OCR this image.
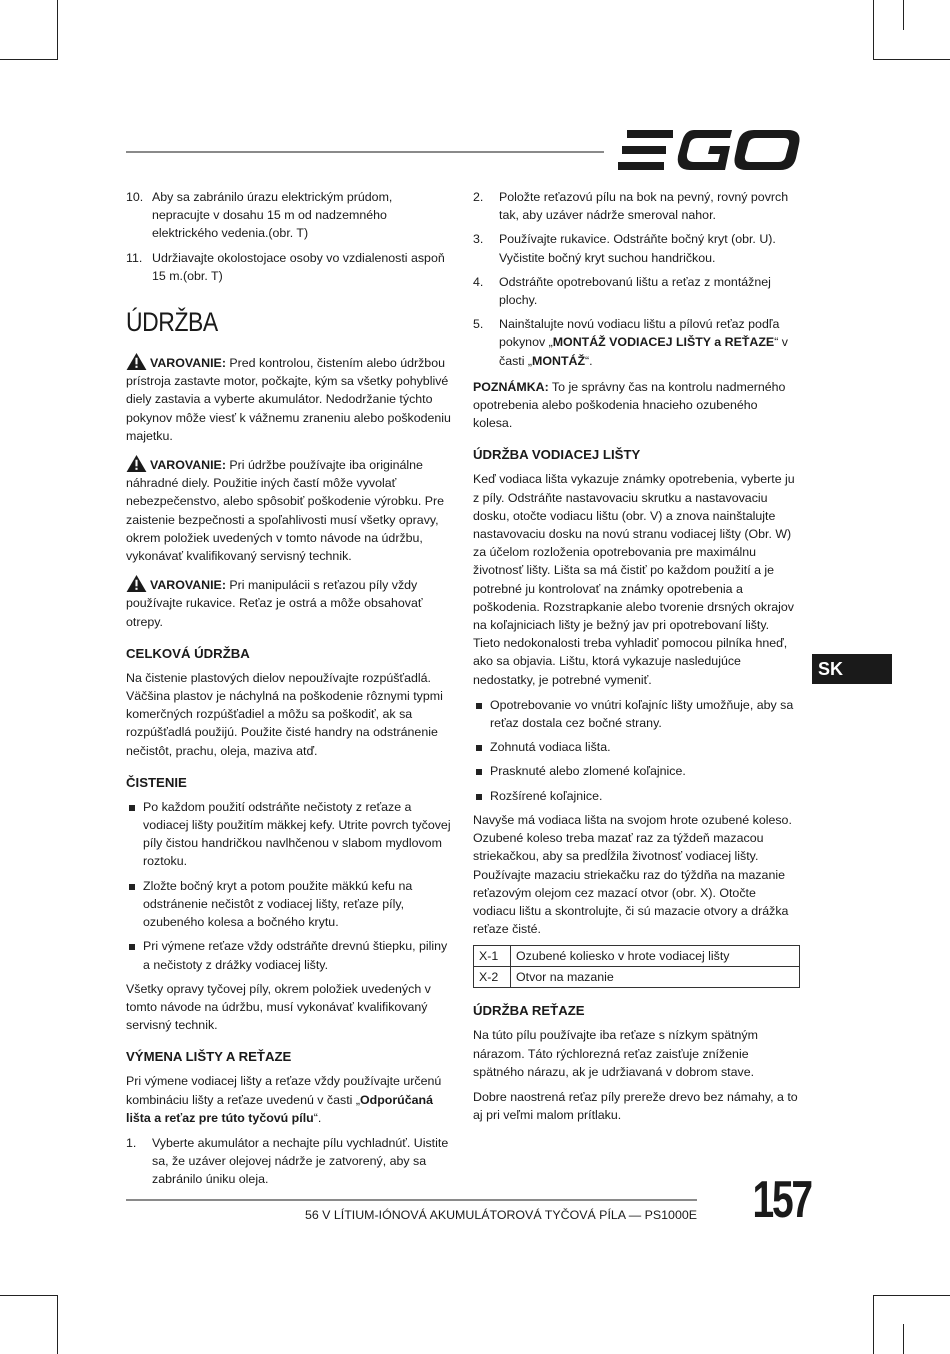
10. Aby sa zabránilo úrazu elektrickým prúdom, nepracujte v dosahu 15 m od nadzemného elektrického vedenia.(obr. T)
11. Udržiavajte okolostojace osoby vo vzdialenosti aspoň 15 m.(obr. T)
ÚDRŽBA

VAROVANIE: Pred kontrolou, čistením alebo údržbou prístroja zastavte motor, počkajte, kým sa všetky pohyblivé diely zastavia a vyberte akumulátor. Nedodržanie týchto pokynov môže viesť k vážnemu zraneniu alebo poškodeniu majetku.

VAROVANIE: Pri údržbe používajte iba originálne náhradné diely. Použitie iných častí môže vyvolať nebezpečenstvo, alebo spôsobiť poškodenie výrobku. Pre zaistenie bezpečnosti a spoľahlivosti musí všetky opravy, okrem položiek uvedených v tomto návode na údržbu, vykonávať kvalifikovaný servisný technik.

VAROVANIE: Pri manipulácii s reťazou píly vždy používajte rukavice. Reťaz je ostrá a môže obsahovať otrepy.

CELKOVÁ ÚDRŽBA

Na čistenie plastových dielov nepoužívajte rozpúšťadlá. Väčšina plastov je náchylná na poškodenie rôznymi typmi komerčných rozpúšťadiel a môžu sa poškodiť, ak sa rozpúšťadlá použijú. Použite čisté handry na odstránenie nečistôt, prachu, oleja, maziva atď.

ČISTENIE
Po každom použití odstráňte nečistoty z reťaze a vodiacej lišty použitím mäkkej kefy. Utrite povrch tyčovej píly čistou handričkou navlhčenou v slabom mydlovom roztoku.
Zložte bočný kryt a potom použite mäkkú kefu na odstránenie nečistôt z vodiacej lišty, reťaze píly, ozubeného kolesa a bočného krytu.
Pri výmene reťaze vždy odstráňte drevnú štiepku, piliny a nečistoty z drážky vodiacej lišty.

Všetky opravy tyčovej píly, okrem položiek uvedených v tomto návode na údržbu, musí vykonávať kvalifikovaný servisný technik.

VÝMENA LIŠTY A REŤAZE

Pri výmene vodiacej lišty a reťaze vždy používajte určenú kombináciu lišty a reťaze uvedenú v časti „Odporúčaná lišta a reťaz pre túto tyčovú pílu“.

1.	Vyberte akumulátor a nechajte pílu vychladnúť. Uistite sa, že uzáver olejovej nádrže je zatvorený, aby sa zabránilo úniku oleja.
2.	Položte reťazovú pílu na bok na pevný, rovný povrch tak, aby uzáver nádrže smeroval nahor.
3.	Používajte rukavice. Odstráňte bočný kryt (obr. U). Vyčistite bočný kryt suchou handričkou.
4.	Odstráňte opotrebovanú lištu a reťaz z montážnej plochy.
5.	Nainštalujte novú vodiacu lištu a pílovú reťaz podľa pokynov „MONTÁŽ VODIACEJ LIŠTY a REŤAZE“ v časti „MONTÁŽ“.

POZNÁMKA: To je správny čas na kontrolu nadmerného opotrebenia alebo poškodenia hnacieho ozubeného kolesa.

ÚDRŽBA VODIACEJ LIŠTY

Keď vodiaca lišta vykazuje známky opotrebenia, vyberte ju z píly. Odstráňte nastavovaciu skrutku a nastavovaciu dosku, otočte vodiacu lištu (obr. V) a znova nainštalujte nastavovaciu dosku na novú stranu vodiacej lišty (Obr. W) za účelom rozloženia opotrebovania pre maximálnu životnosť lišty. Lišta sa má čistiť po každom použití a je potrebné ju kontrolovať na známky opotrebenia a poškodenia. Rozstrapkanie alebo tvorenie drsných okrajov na koľajniciach lišty je bežný jav pri opotrebovaní lišty. Tieto nedokonalosti treba vyhladiť pomocou pilníka hneď, ako sa objavia. Lištu, ktorá vykazuje nasledujúce nedostatky, je potrebné vymeniť.

Opotrebovanie vo vnútri koľajníc lišty umožňuje, aby sa reťaz dostala cez bočné strany.
Zohnutá vodiaca lišta.
Prasknuté alebo zlomené koľajnice.
Rozšírené koľajnice.

Navyše má vodiaca lišta na svojom hrote ozubené koleso. Ozubené koleso treba mazať raz za týždeň mazacou striekačkou, aby sa predĺžila životnosť vodiacej lišty. Používajte mazaciu striekačku raz do týždňa na mazanie reťazovým olejom cez mazací otvor (obr. X). Otočte vodiacu lištu a skontrolujte, či sú mazacie otvory a drážka reťaze čisté.

X-1	Ozubené koliesko v hrote vodiacej lišty
X-2	Otvor na mazanie
ÚDRŽBA REŤAZE

Na túto pílu používajte iba reťaze s nízkym spätným nárazom. Táto rýchlorezná reťaz zaisťuje zníženie spätného nárazu, ak je udržiavaná v dobrom stave.

Dobre naostrená reťaz píly prereže drevo bez námahy, a to aj pri veľmi malom prítlaku.

SK
56 V LÍTIUM-IÓNOVÁ AKUMULÁTOROVÁ TYČOVÁ PÍLA — PS1000E 157
